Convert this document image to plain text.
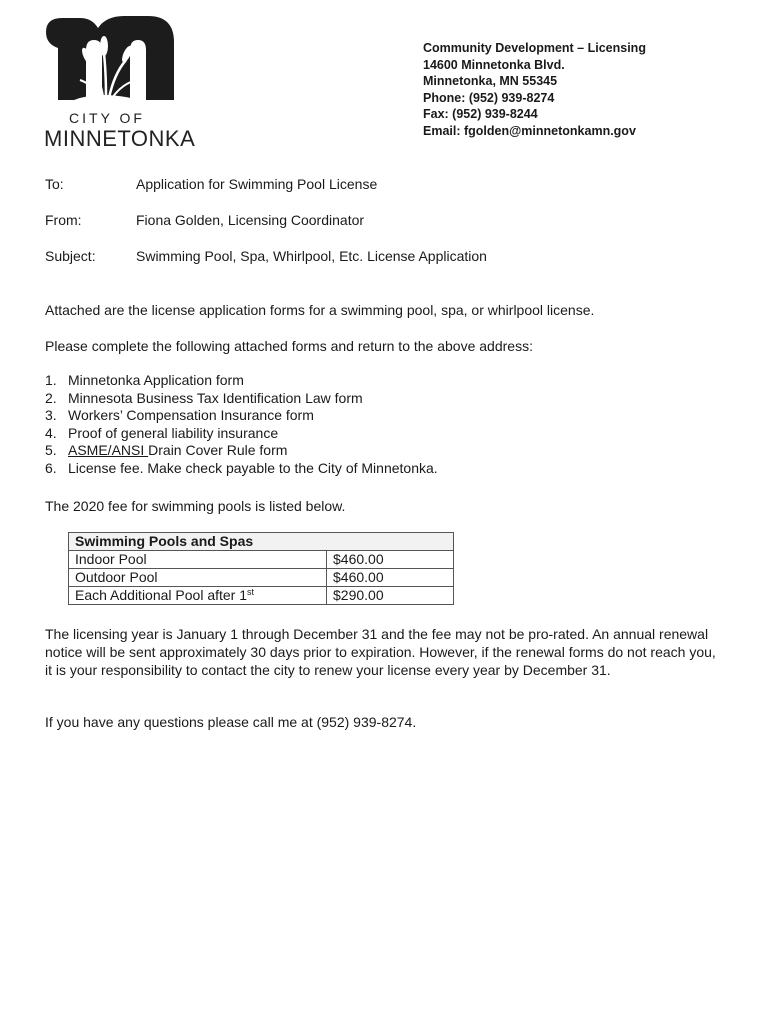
CITY OF
MINNETONKA
Community Development – Licensing
14600 Minnetonka Blvd.
Minnetonka, MN 55345
Phone: (952) 939-8274
Fax: (952) 939-8244
Email: fgolden@minnetonkamn.gov
To:	Application for Swimming Pool License
From:	Fiona Golden, Licensing Coordinator
Subject:	Swimming Pool, Spa, Whirlpool, Etc. License Application
Attached are the license application forms for a swimming pool, spa, or whirlpool license.
Please complete the following attached forms and return to the above address:
1. Minnetonka Application form
2. Minnesota Business Tax Identification Law form
3. Workers’ Compensation Insurance form
4. Proof of general liability insurance
5. ASME/ANSI Drain Cover Rule form
6. License fee. Make check payable to the City of Minnetonka.
The 2020 fee for swimming pools is listed below.
Swimming Pools and Spas	
Indoor Pool	$460.00
Outdoor Pool	$460.00
Each Additional Pool after 1st	$290.00
The licensing year is January 1 through December 31 and the fee may not be pro-rated. An annual renewal notice will be sent approximately 30 days prior to expiration. However, if the renewal forms do not reach you, it is your responsibility to contact the city to renew your license every year by December 31.
If you have any questions please call me at (952) 939-8274.
